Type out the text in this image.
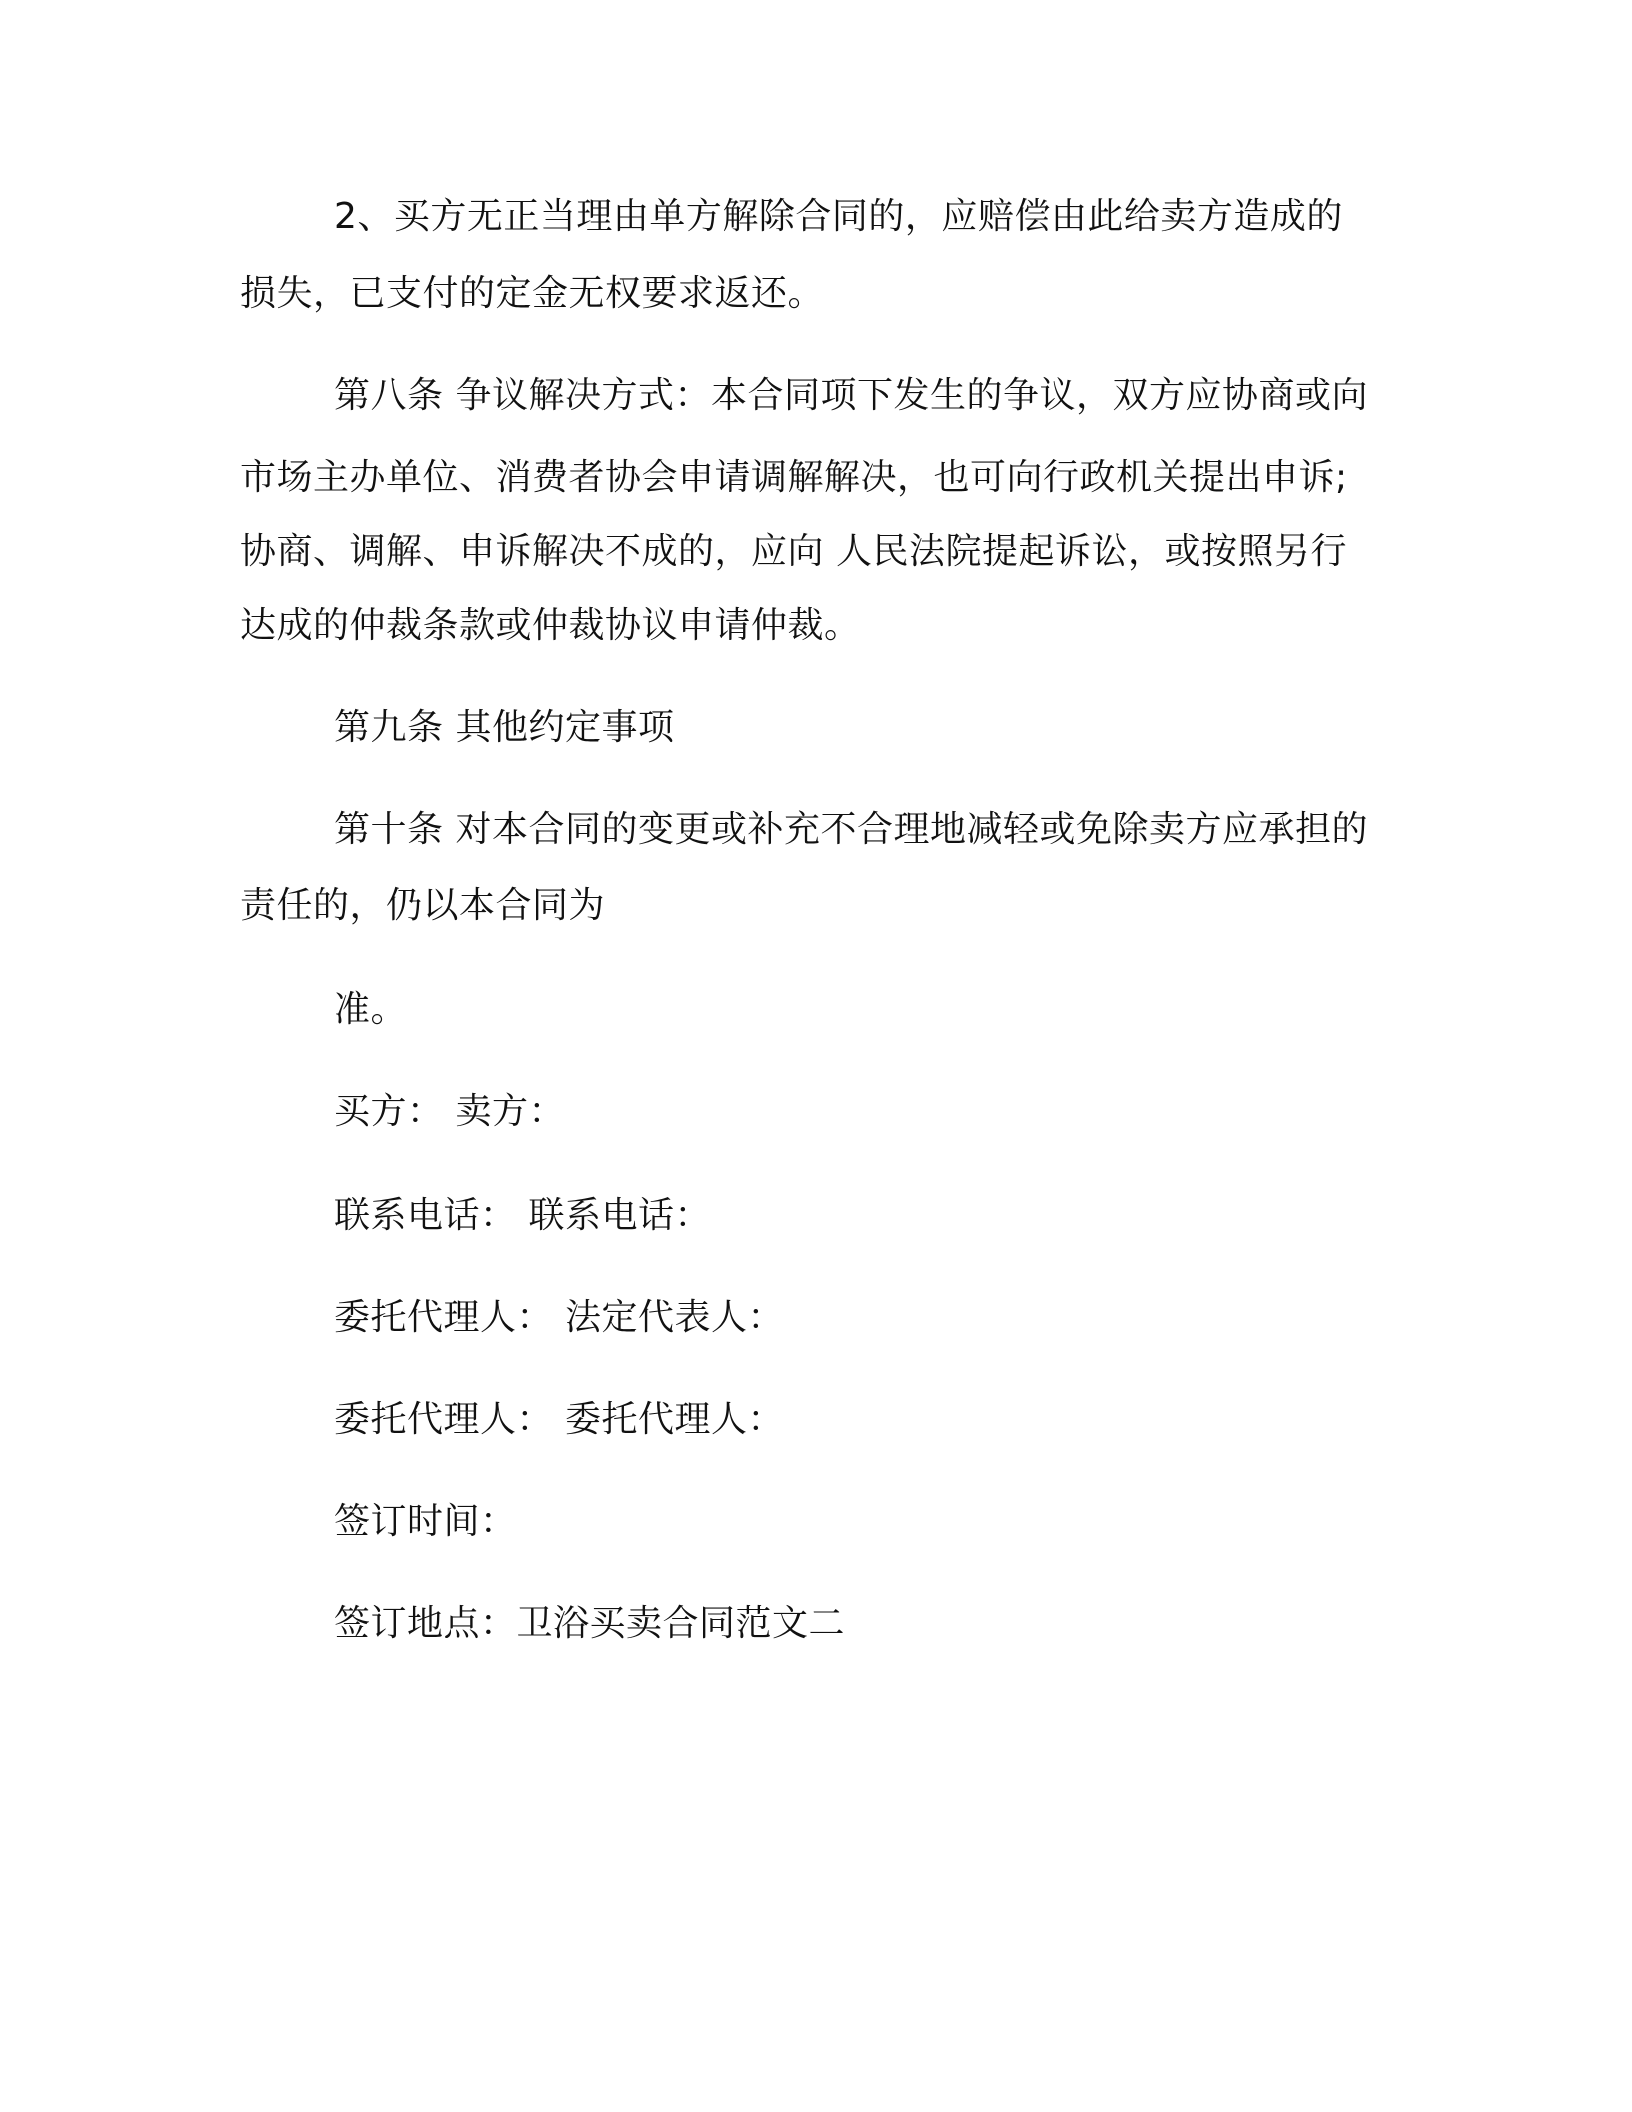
2、买方无正当理由单方解除合同的，应赔偿由此给卖方造成的
损失，已支付的定金无权要求返还。
第八条 争议解决方式：本合同项下发生的争议，双方应协商或向
市场主办单位、消费者协会申请调解解决，也可向行政机关提出申诉;
协商、调解、申诉解决不成的，应向 人民法院提起诉讼，或按照另行
达成的仲裁条款或仲裁协议申请仲裁。
第九条 其他约定事项
第十条 对本合同的变更或补充不合理地减轻或免除卖方应承担的
责任的，仍以本合同为
准。
买方： 卖方：
联系电话： 联系电话：
委托代理人： 法定代表人：
委托代理人： 委托代理人：
签订时间：
签订地点：卫浴买卖合同范文二
